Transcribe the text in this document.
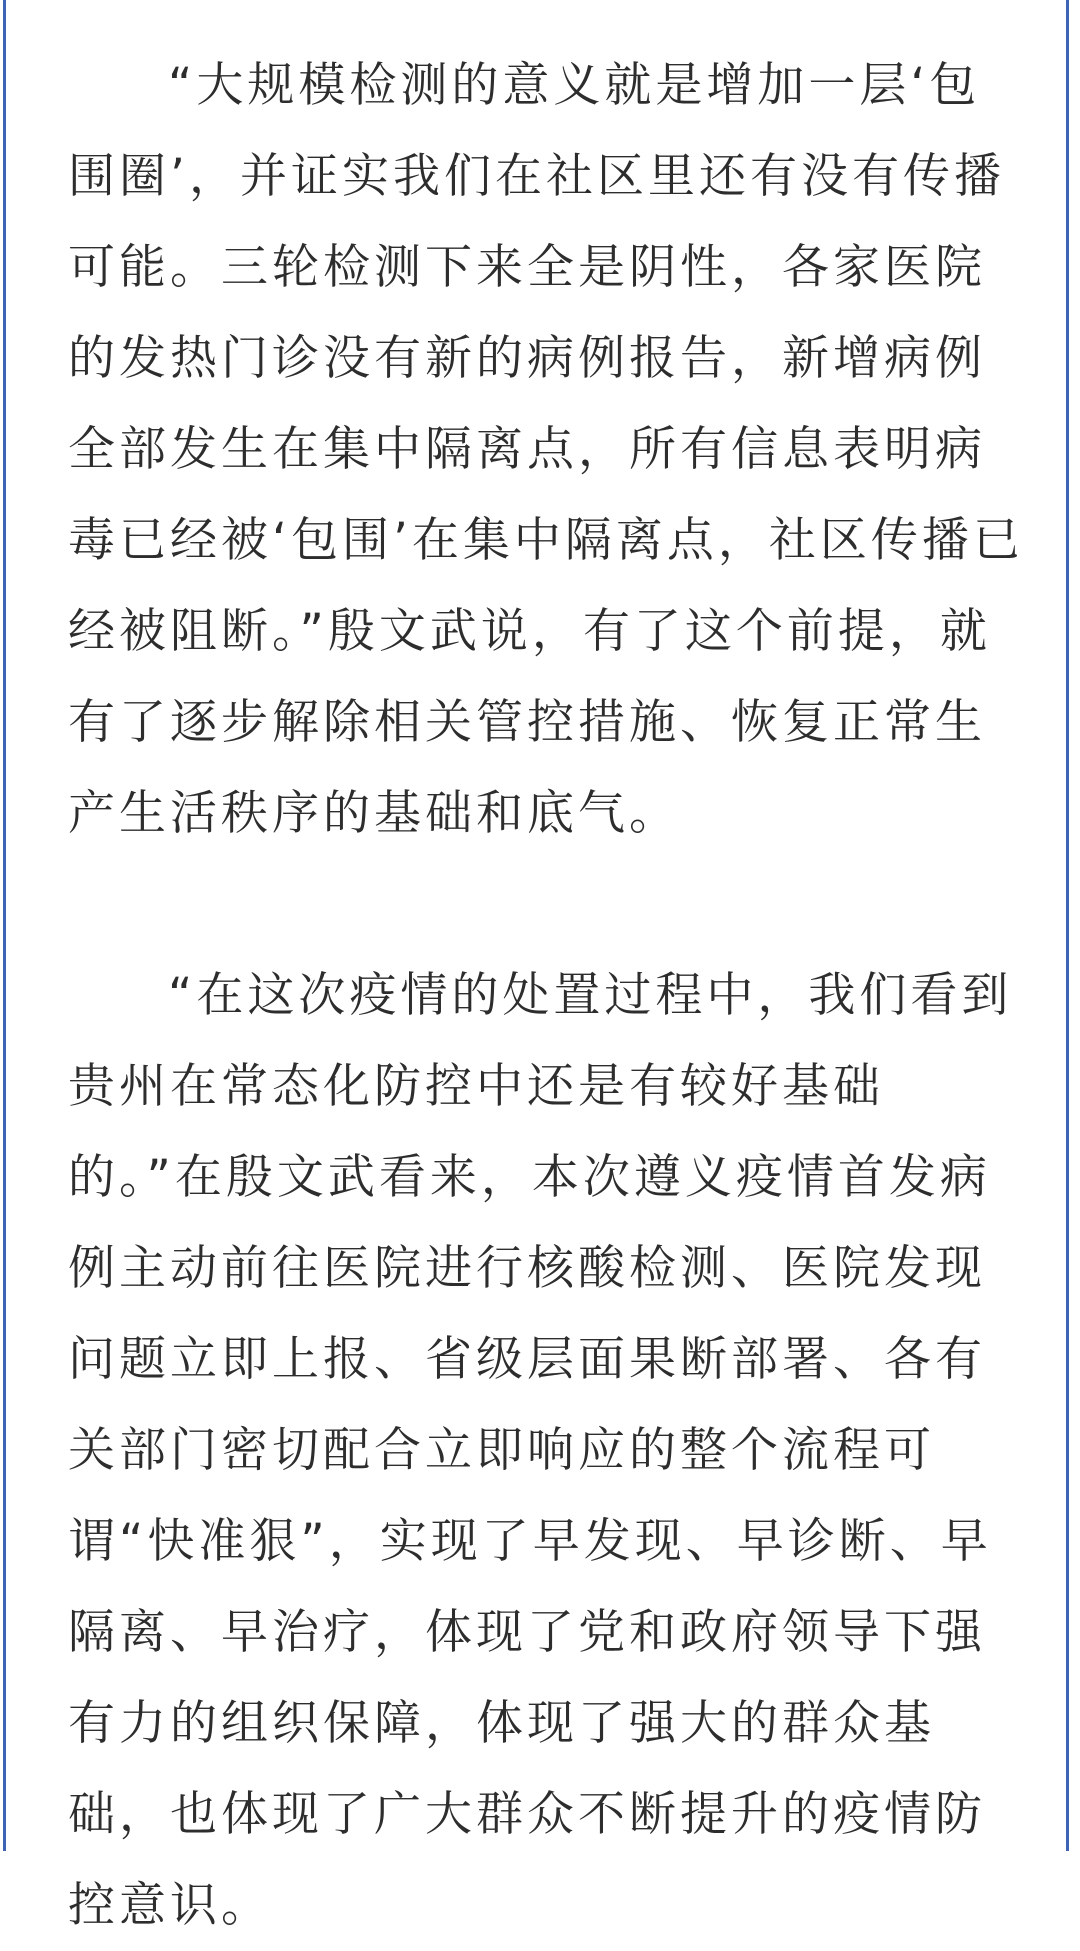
“大规模检测的意义就是增加一层‘包围圈’，并证实我们在社区里还有没有传播可能。三轮检测下来全是阴性，各家医院的发热门诊没有新的病例报告，新增病例全部发生在集中隔离点，所有信息表明病毒已经被‘包围’在集中隔离点，社区传播已经被阻断。”殷文武说，有了这个前提，就有了逐步解除相关管控措施、恢复正常生产生活秩序的基础和底气。

“在这次疫情的处置过程中，我们看到贵州在常态化防控中还是有较好基础的。”在殷文武看来，本次遵义疫情首发病例主动前往医院进行核酸检测、医院发现问题立即上报、省级层面果断部署、各有关部门密切配合立即响应的整个流程可谓“快准狠”，实现了早发现、早诊断、早隔离、早治疗，体现了党和政府领导下强有力的组织保障，体现了强大的群众基础，也体现了广大群众不断提升的疫情防控意识。
